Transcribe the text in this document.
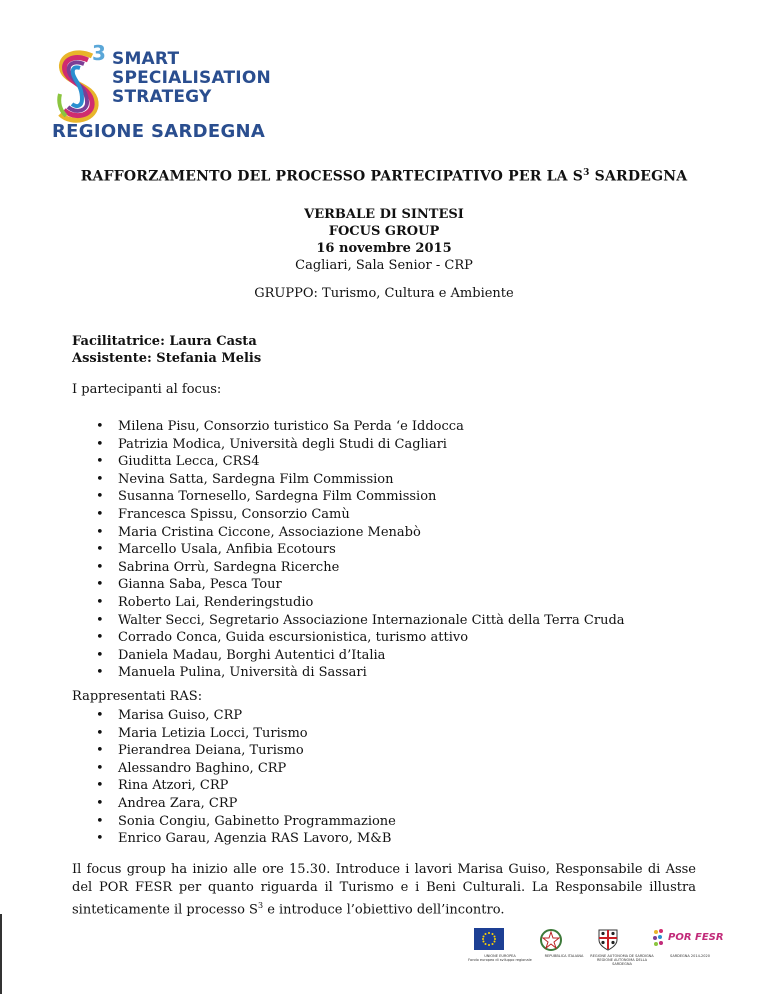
3 SMART
SPECIALISATION
STRATEGY
REGIONE SARDEGNA
RAFFORZAMENTO DEL PROCESSO PARTECIPATIVO PER LA $S^3$ SARDEGNA
VERBALE DI SINTESI
FOCUS GROUP
16 novembre 2015
Cagliari, Sala Senior - CRP
GRUPPO: Turismo, Cultura e Ambiente
Facilitatrice: Laura Casta
Assistente: Stefania Melis
I partecipanti al focus:
• Milena Pisu, Consorzio turistico Sa Perda ‘e Iddocca
• Patrizia Modica, Università degli Studi di Cagliari
• Giuditta Lecca, CRS4
• Nevina Satta, Sardegna Film Commission
• Susanna Tornesello, Sardegna Film Commission
• Francesca Spissu, Consorzio Camù
• Maria Cristina Ciccone, Associazione Menabò
• Marcello Usala, Anfibia Ecotours
• Sabrina Orrù, Sardegna Ricerche
• Gianna Saba, Pesca Tour
• Roberto Lai, Renderingstudio
• Walter Secci, Segretario Associazione Internazionale Città della Terra Cruda
• Corrado Conca, Guida escursionistica, turismo attivo
• Daniela Madau, Borghi Autentici d’Italia
• Manuela Pulina, Università di Sassari
Rappresentati RAS:
• Marisa Guiso, CRP
• Maria Letizia Locci, Turismo
• Pierandrea Deiana, Turismo
• Alessandro Baghino, CRP
• Rina Atzori, CRP
• Andrea Zara, CRP
• Sonia Congiu, Gabinetto Programmazione
• Enrico Garau, Agenzia RAS Lavoro, M&B
Il focus group ha inizio alle ore 15.30. Introduce i lavori Marisa Guiso, Responsabile di Asse del POR FESR per quanto riguarda il Turismo e i Beni Culturali. La Responsabile illustra sinteticamente il processo $S^3$ e introduce l’obiettivo dell’incontro.
UNIONE EUROPEA
Fondo europeo di sviluppo regionale
REPUBBLICA ITALIANA	REGIONE AUTONOMA DE SARDIGNA
REGIONE AUTONOMA DELLA SARDEGNA
POR FESR
SARDEGNA 2014-2020
